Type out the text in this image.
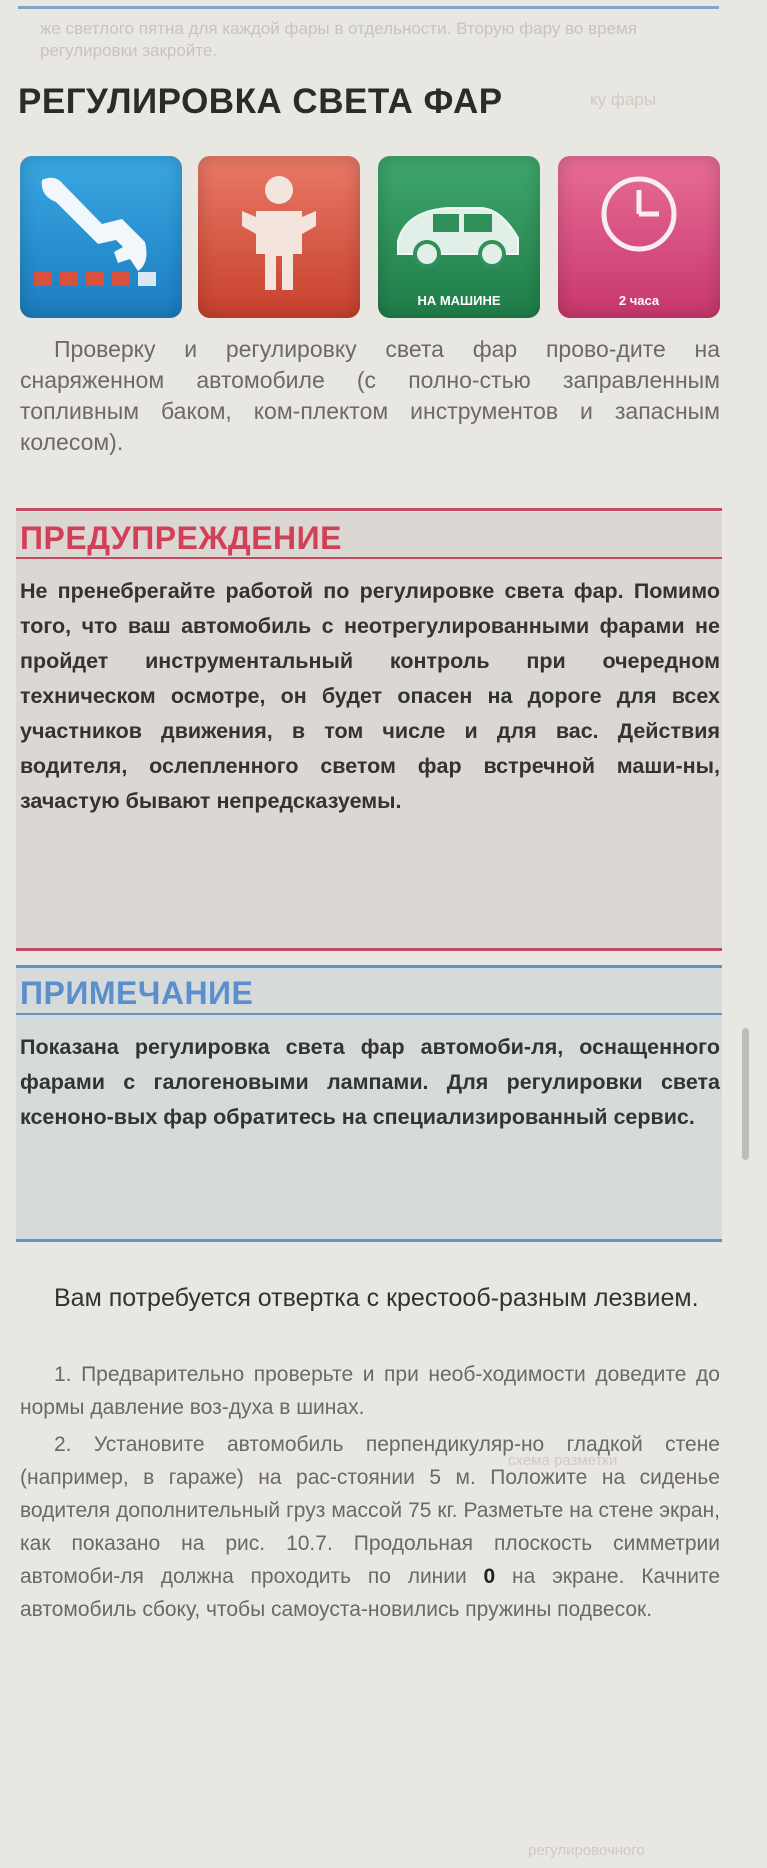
же светлого пятна для каждой фары в отдельности. Вторую фару во время регулировки закройте.
РЕГУЛИРОВКА СВЕТА ФАР	ку фары
НА МАШИНЕ	2 часа
Проверку и регулировку света фар прово-дите на снаряженном автомобиле (с полно-стью заправленным топливным баком, ком-плектом инструментов и запасным колесом).
ПРЕДУПРЕЖДЕНИЕ
Не пренебрегайте работой по регулировке света фар. Помимо того, что ваш автомобиль с неотрегулированными фарами не пройдет инструментальный контроль при очередном техническом осмотре, он будет опасен на дороге для всех участников движения, в том числе и для вас. Действия водителя, ослепленного светом фар встречной маши-ны, зачастую бывают непредсказуемы.
ПРИМЕЧАНИЕ
Показана регулировка света фар автомоби-ля, оснащенного фарами с галогеновыми лампами. Для регулировки света ксеноно-вых фар обратитесь на специализированный сервис.
Вам потребуется отвертка с крестооб-разным лезвием.

1. Предварительно проверьте и при необ-ходимости доведите до нормы давление воз-духа в шинах.

2. Установите автомобиль перпендикуляр-но гладкой стене (например, в гараже) на рас-стоянии 5 м. Положите на сиденье водителя дополнительный груз массой 75 кг. Разметьте на стене экран, как показано на рис. 10.7. Продольная плоскость симметрии автомоби-ля должна проходить по линии 0 на экране. Качните автомобиль сбоку, чтобы самоуста-новились пружины подвесок.

схема разметки
регулировочного
